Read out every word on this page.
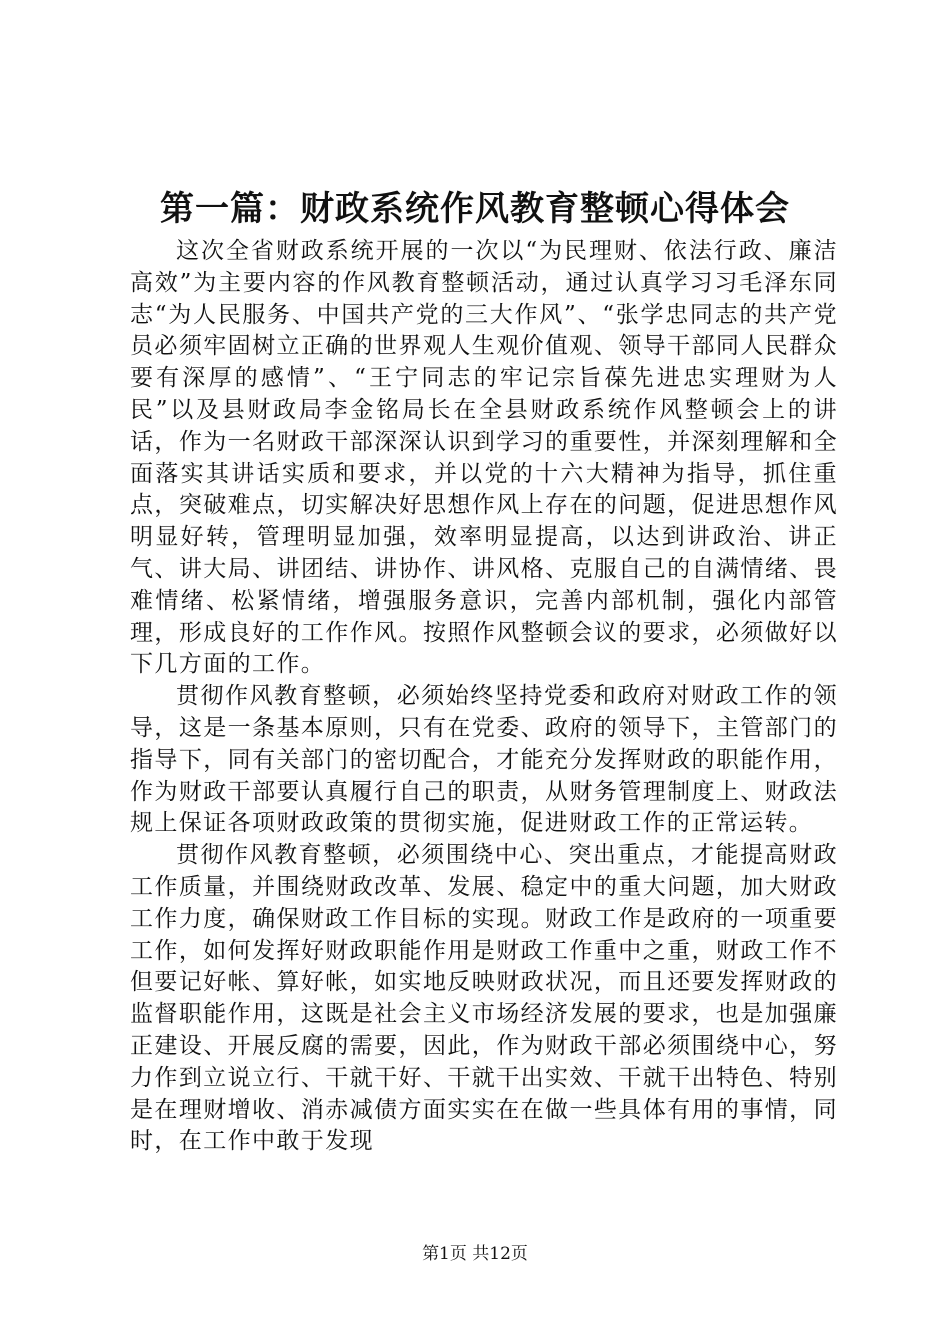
第一篇：财政系统作风教育整顿心得体会

这次全省财政系统开展的一次以“为民理财、依法行政、廉洁高效”为主要内容的作风教育整顿活动，通过认真学习习毛泽东同志“为人民服务、中国共产党的三大作风”、“张学忠同志的共产党员必须牢固树立正确的世界观人生观价值观、领导干部同人民群众要有深厚的感情”、“王宁同志的牢记宗旨葆先进忠实理财为人民”以及县财政局李金铭局长在全县财政系统作风整顿会上的讲话，作为一名财政干部深深认识到学习的重要性，并深刻理解和全面落实其讲话实质和要求，并以党的十六大精神为指导，抓住重点，突破难点，切实解决好思想作风上存在的问题，促进思想作风明显好转，管理明显加强，效率明显提高，以达到讲政治、讲正气、讲大局、讲团结、讲协作、讲风格、克服自己的自满情绪、畏难情绪、松紧情绪，增强服务意识，完善内部机制，强化内部管理，形成良好的工作作风。按照作风整顿会议的要求，必须做好以下几方面的工作。

贯彻作风教育整顿，必须始终坚持党委和政府对财政工作的领导，这是一条基本原则，只有在党委、政府的领导下，主管部门的指导下，同有关部门的密切配合，才能充分发挥财政的职能作用，作为财政干部要认真履行自己的职责，从财务管理制度上、财政法规上保证各项财政政策的贯彻实施，促进财政工作的正常运转。

贯彻作风教育整顿，必须围绕中心、突出重点，才能提高财政工作质量，并围绕财政改革、发展、稳定中的重大问题，加大财政工作力度，确保财政工作目标的实现。财政工作是政府的一项重要工作，如何发挥好财政职能作用是财政工作重中之重，财政工作不但要记好帐、算好帐，如实地反映财政状况，而且还要发挥财政的监督职能作用，这既是社会主义市场经济发展的要求，也是加强廉正建设、开展反腐的需要，因此，作为财政干部必须围绕中心，努力作到立说立行、干就干好、干就干出实效、干就干出特色、特别是在理财增收、消赤减债方面实实在在做一些具体有用的事情，同时，在工作中敢于发现

第1页 共12页
